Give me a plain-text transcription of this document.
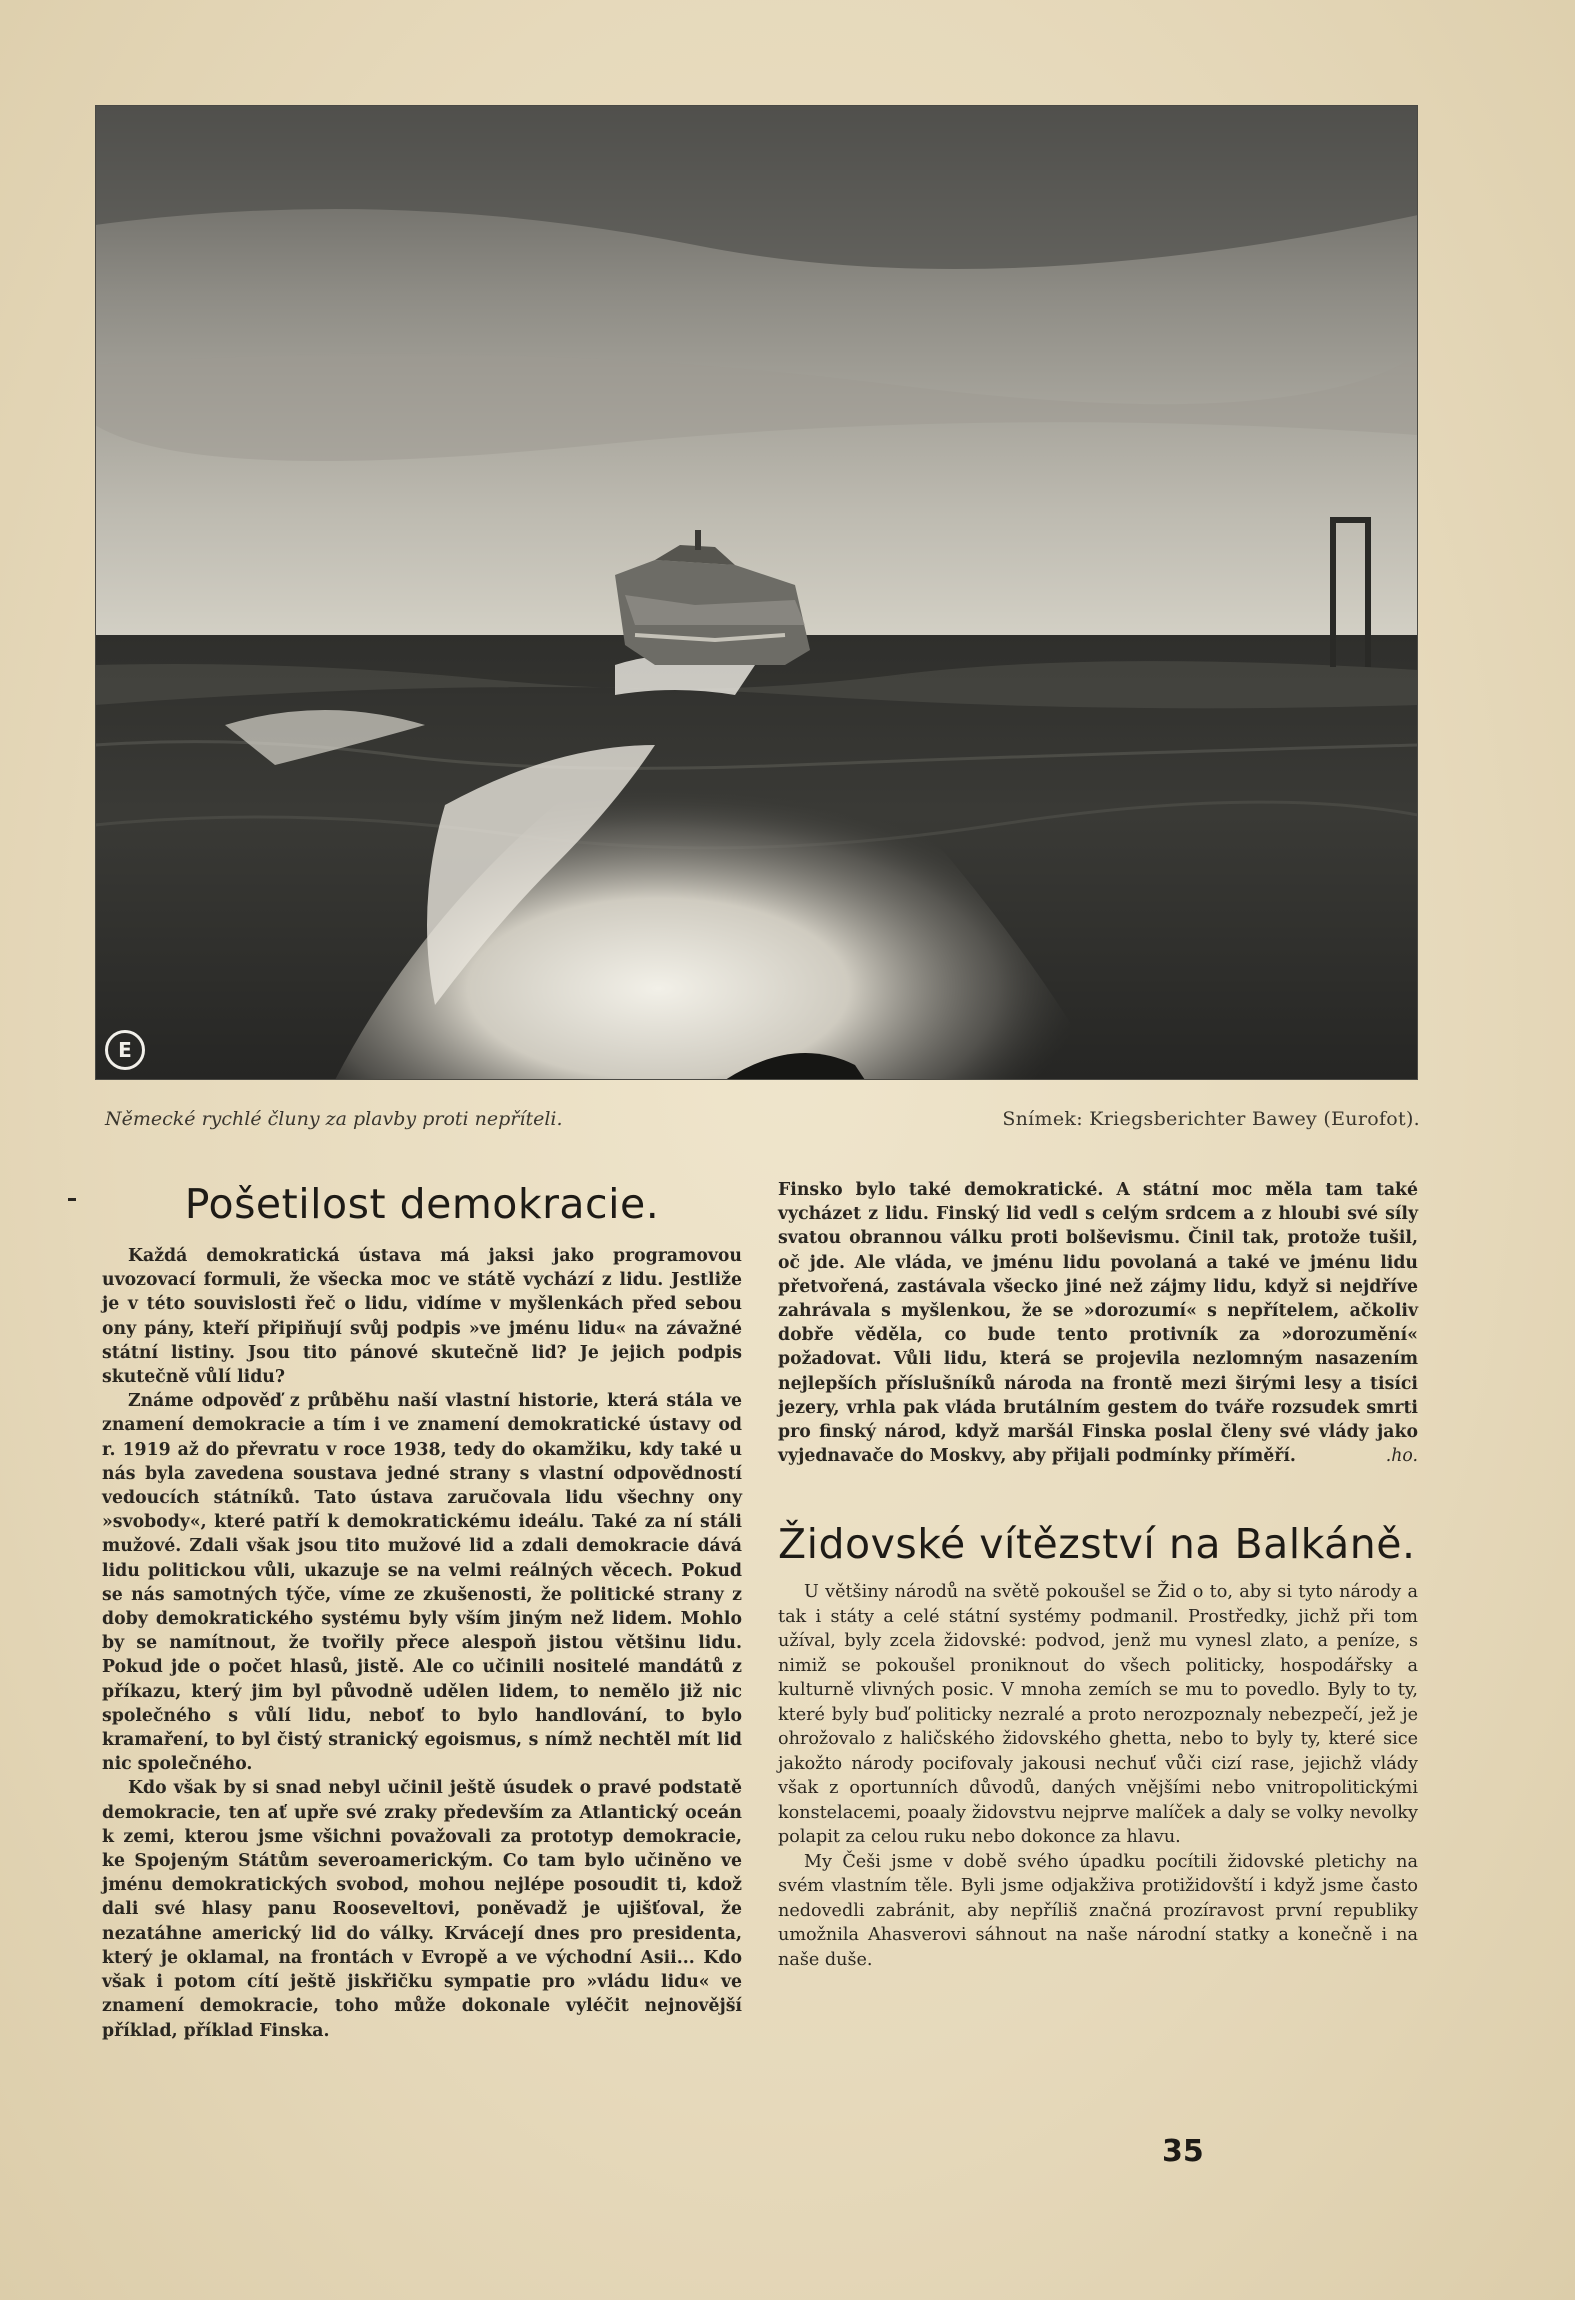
E
Německé rychlé čluny za plavby proti nepříteli.	Snímek: Kriegsberichter Bawey (Eurofot).
Pošetilost demokracie.

Každá demokratická ústava má jaksi jako programovou uvozovací formuli, že všecka moc ve státě vychází z lidu. Jestliže je v této souvislosti řeč o lidu, vidíme v myšlenkách před sebou ony pány, kteří připiňují svůj podpis »ve jménu lidu« na závažné státní listiny. Jsou tito pánové skutečně lid? Je jejich podpis skutečně vůlí lidu?

Známe odpověď z průběhu naší vlastní historie, která stála ve znamení demokracie a tím i ve znamení demokratické ústavy od r. 1919 až do převratu v roce 1938, tedy do okamžiku, kdy také u nás byla zavedena soustava jedné strany s vlastní odpovědností vedoucích státníků. Tato ústava zaručovala lidu všechny ony »svobody«, které patří k demokratickému ideálu. Také za ní stáli mužové. Zdali však jsou tito mužové lid a zdali demokracie dává lidu politickou vůli, ukazuje se na velmi reálných věcech. Pokud se nás samotných týče, víme ze zkušenosti, že politické strany z doby demokratického systému byly vším jiným než lidem. Mohlo by se namítnout, že tvořily přece alespoň jistou většinu lidu. Pokud jde o počet hlasů, jistě. Ale co učinili nositelé mandátů z příkazu, který jim byl původně udělen lidem, to nemělo již nic společného s vůlí lidu, neboť to bylo handlování, to bylo kramaření, to byl čistý stranický egoismus, s nímž nechtěl mít lid nic společného.

Kdo však by si snad nebyl učinil ještě úsudek o pravé podstatě demokracie, ten ať upře své zraky především za Atlantický oceán k zemi, kterou jsme všichni považovali za prototyp demokracie, ke Spojeným Státům severoamerickým. Co tam bylo učiněno ve jménu demokratických svobod, mohou nejlépe posoudit ti, kdož dali své hlasy panu Rooseveltovi, poněvadž je ujišťoval, že nezatáhne americký lid do války. Krvácejí dnes pro presidenta, který je oklamal, na frontách v Evropě a ve východní Asii... Kdo však i potom cítí ještě jiskřičku sympatie pro »vládu lidu« ve znamení demokracie, toho může dokonale vyléčit nejnovější příklad, příklad Finska.

Finsko bylo také demokratické. A státní moc měla tam také vycházet z lidu. Finský lid vedl s celým srdcem a z hloubi své síly svatou obrannou válku proti bolševismu. Činil tak, protože tušil, oč jde. Ale vláda, ve jménu lidu povolaná a také ve jménu lidu přetvořená, zastávala všecko jiné než zájmy lidu, když si nejdříve zahrávala s myšlenkou, že se »dorozumí« s nepřítelem, ačkoliv dobře věděla, co bude tento protivník za »dorozumění« požadovat. Vůli lidu, která se projevila nezlomným nasazením nejlepších příslušníků národa na frontě mezi širými lesy a tisíci jezery, vrhla pak vláda brutálním gestem do tváře rozsudek smrti pro finský národ, když maršál Finska poslal členy své vlády jako vyjednavače do Moskvy, aby přijali podmínky příměří.	.ho.
Židovské vítězství na Balkáně.

U většiny národů na světě pokoušel se Žid o to, aby si tyto národy a tak i státy a celé státní systémy podmanil. Prostředky, jichž při tom užíval, byly zcela židovské: podvod, jenž mu vynesl zlato, a peníze, s nimiž se pokoušel proniknout do všech politicky, hospodářsky a kulturně vlivných posic. V mnoha zemích se mu to povedlo. Byly to ty, které byly buď politicky nezralé a proto nerozpoznaly nebezpečí, jež je ohrožovalo z haličského židovského ghetta, nebo to byly ty, které sice jakožto národy pocifovaly jakousi nechuť vůči cizí rase, jejichž vlády však z oportunních důvodů, daných vnějšími nebo vnitropolitickými konstelacemi, poaaly židovstvu nejprve malíček a daly se volky nevolky polapit za celou ruku nebo dokonce za hlavu.

My Češi jsme v době svého úpadku pocítili židovské pletichy na svém vlastním těle. Byli jsme odjakživa protižidovští i když jsme často nedovedli zabránit, aby nepříliš značná prozíravost první republiky umožnila Ahasverovi sáhnout na naše národní statky a konečně i na naše duše.

35
